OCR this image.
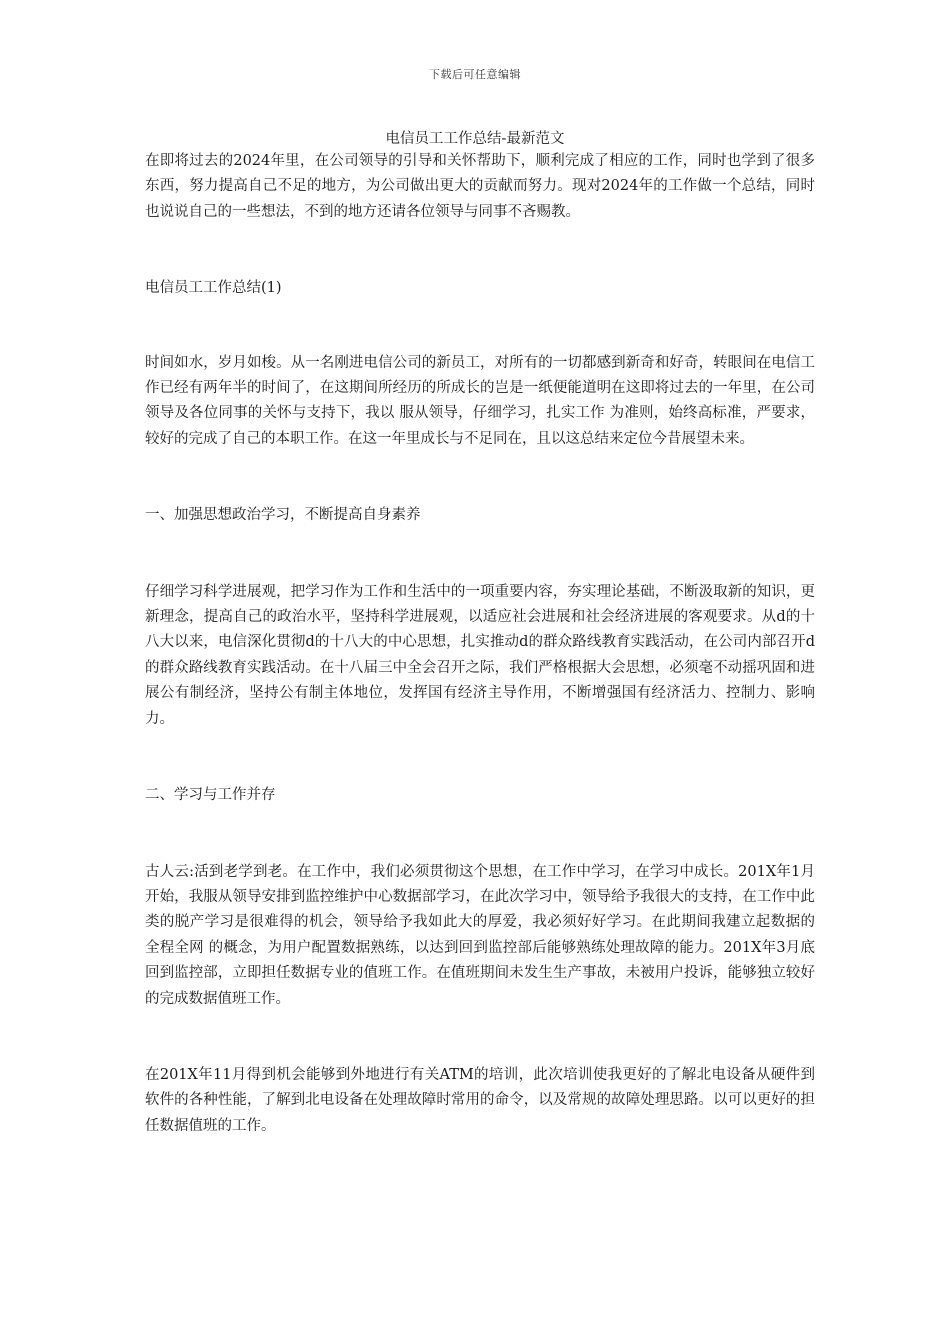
下载后可任意编辑
电信员工工作总结-最新范文

在即将过去的2024年里，在公司领导的引导和关怀帮助下，顺利完成了相应的工作，同时也学到了很多东西，努力提高自己不足的地方，为公司做出更大的贡献而努力。现对2024年的工作做一个总结，同时也说说自己的一些想法，不到的地方还请各位领导与同事不吝赐教。

电信员工工作总结(1)

时间如水，岁月如梭。从一名刚进电信公司的新员工，对所有的一切都感到新奇和好奇，转眼间在电信工作已经有两年半的时间了，在这期间所经历的所成长的岂是一纸便能道明在这即将过去的一年里，在公司领导及各位同事的关怀与支持下，我以 服从领导，仔细学习，扎实工作 为准则，始终高标准，严要求，较好的完成了自己的本职工作。在这一年里成长与不足同在，且以这总结来定位今昔展望未来。

一、加强思想政治学习，不断提高自身素养

仔细学习科学进展观，把学习作为工作和生活中的一项重要内容，夯实理论基础，不断汲取新的知识，更新理念，提高自己的政治水平，坚持科学进展观，以适应社会进展和社会经济进展的客观要求。从d的十八大以来，电信深化贯彻d的十八大的中心思想，扎实推动d的群众路线教育实践活动，在公司内部召开d的群众路线教育实践活动。在十八届三中全会召开之际，我们严格根据大会思想，必须毫不动摇巩固和进展公有制经济，坚持公有制主体地位，发挥国有经济主导作用，不断增强国有经济活力、控制力、影响力。

二、学习与工作并存

古人云:活到老学到老。在工作中，我们必须贯彻这个思想，在工作中学习，在学习中成长。201X年1月开始，我服从领导安排到监控维护中心数据部学习，在此次学习中，领导给予我很大的支持，在工作中此类的脱产学习是很难得的机会，领导给予我如此大的厚爱，我必须好好学习。在此期间我建立起数据的 全程全网 的概念，为用户配置数据熟练，以达到回到监控部后能够熟练处理故障的能力。201X年3月底回到监控部，立即担任数据专业的值班工作。在值班期间未发生生产事故，未被用户投诉，能够独立较好的完成数据值班工作。

在201X年11月得到机会能够到外地进行有关ATM的培训，此次培训使我更好的了解北电设备从硬件到软件的各种性能，了解到北电设备在处理故障时常用的命令，以及常规的故障处理思路。以可以更好的担任数据值班的工作。
